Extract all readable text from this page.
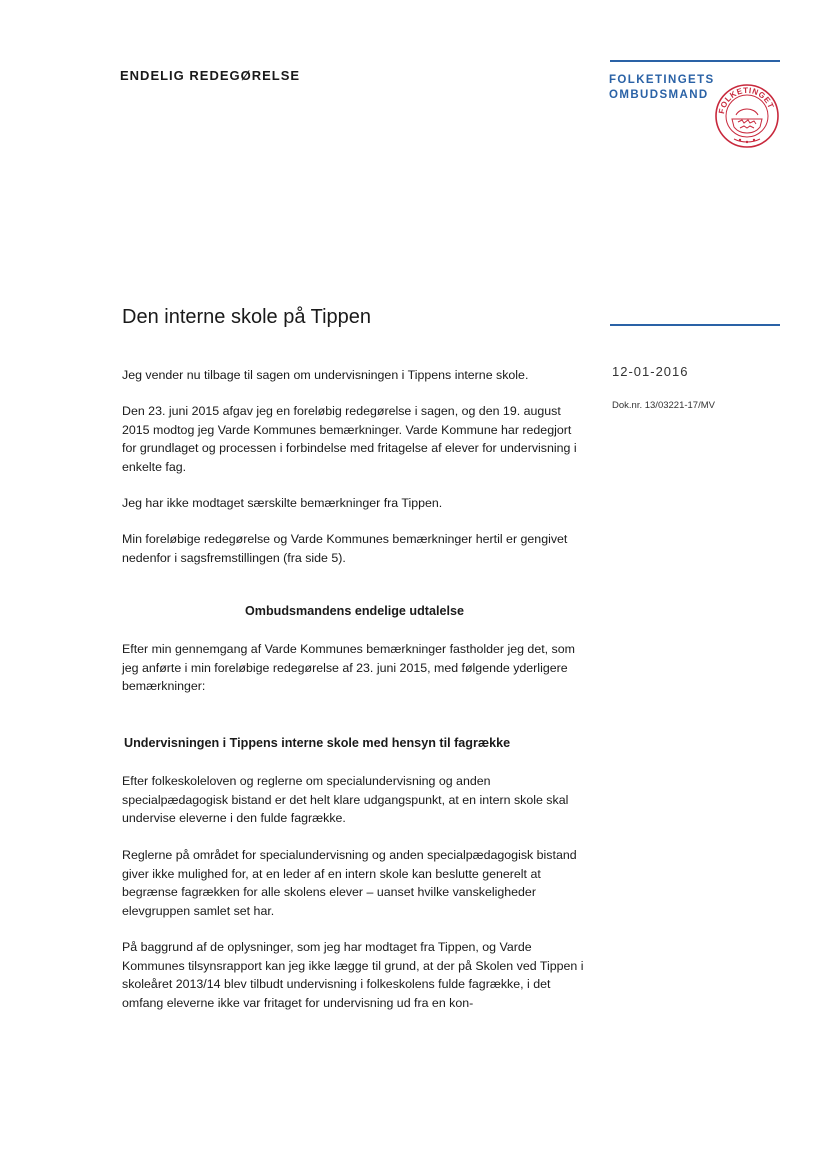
ENDELIG REDEGØRELSE	FOLKETINGETS
OMBUDSMAND
FOLKETINGET
Den interne skole på Tippen
12-01-2016
Dok.nr. 13/03221-17/MV

Jeg vender nu tilbage til sagen om undervisningen i Tippens interne skole.

Den 23. juni 2015 afgav jeg en foreløbig redegørelse i sagen, og den 19. august 2015 modtog jeg Varde Kommunes bemærkninger. Varde Kommune har redegjort for grundlaget og processen i forbindelse med fritagelse af elever for undervisning i enkelte fag.

Jeg har ikke modtaget særskilte bemærkninger fra Tippen.

Min foreløbige redegørelse og Varde Kommunes bemærkninger hertil er gengivet nedenfor i sagsfremstillingen (fra side 5).

Ombudsmandens endelige udtalelse

Efter min gennemgang af Varde Kommunes bemærkninger fastholder jeg det, som jeg anførte i min foreløbige redegørelse af 23. juni 2015, med følgende yderligere bemærkninger:

Undervisningen i Tippens interne skole med hensyn til fagrække

Efter folkeskoleloven og reglerne om specialundervisning og anden specialpædagogisk bistand er det helt klare udgangspunkt, at en intern skole skal undervise eleverne i den fulde fagrække.

Reglerne på området for specialundervisning og anden specialpædagogisk bistand giver ikke mulighed for, at en leder af en intern skole kan beslutte generelt at begrænse fagrækken for alle skolens elever – uanset hvilke vanskeligheder elevgruppen samlet set har.

På baggrund af de oplysninger, som jeg har modtaget fra Tippen, og Varde Kommunes tilsynsrapport kan jeg ikke lægge til grund, at der på Skolen ved Tippen i skoleåret 2013/14 blev tilbudt undervisning i folkeskolens fulde fagrække, i det omfang eleverne ikke var fritaget for undervisning ud fra en kon-
